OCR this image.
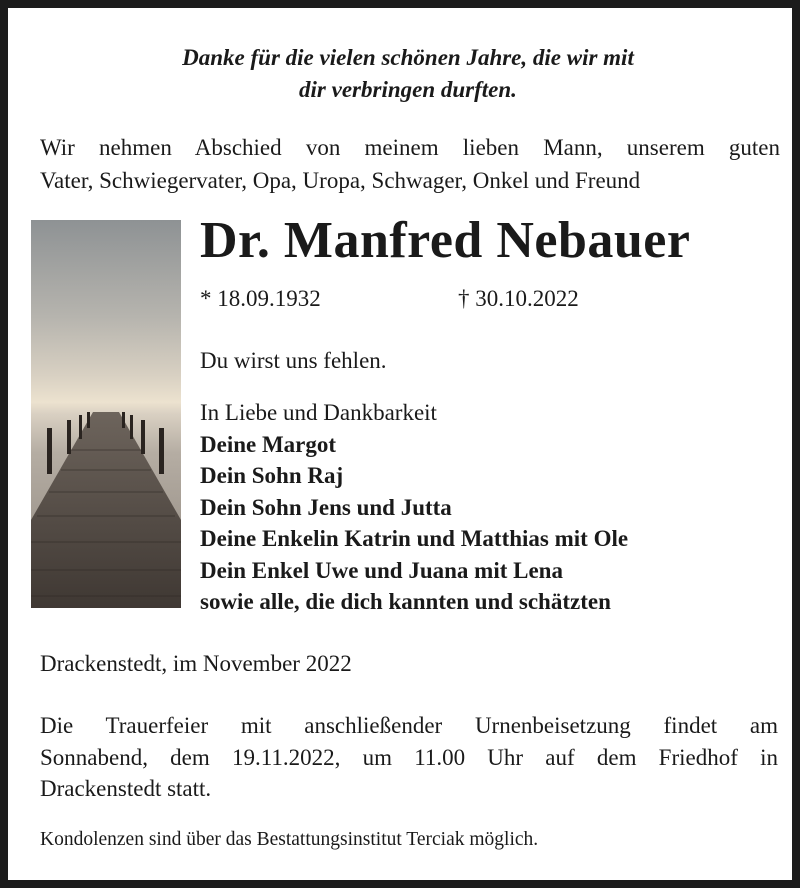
Danke für die vielen schönen Jahre, die wir mit
dir verbringen durften.
Wir nehmen Abschied von meinem lieben Mann, unserem guten
Vater, Schwiegervater, Opa, Uropa, Schwager, Onkel und Freund
Dr. Manfred Nebauer
* 18.09.1932	† 30.10.2022
Du wirst uns fehlen.
In Liebe und Dankbarkeit
Deine Margot
Dein Sohn Raj
Dein Sohn Jens und Jutta
Deine Enkelin Katrin und Matthias mit Ole
Dein Enkel Uwe und Juana mit Lena
sowie alle, die dich kannten und schätzten
Drackenstedt, im November 2022
Die Trauerfeier mit anschließender Urnenbeisetzung findet am
Sonnabend, dem 19.11.2022, um 11.00 Uhr auf dem Friedhof in
Drackenstedt statt.
Kondolenzen sind über das Bestattungsinstitut Terciak möglich.
